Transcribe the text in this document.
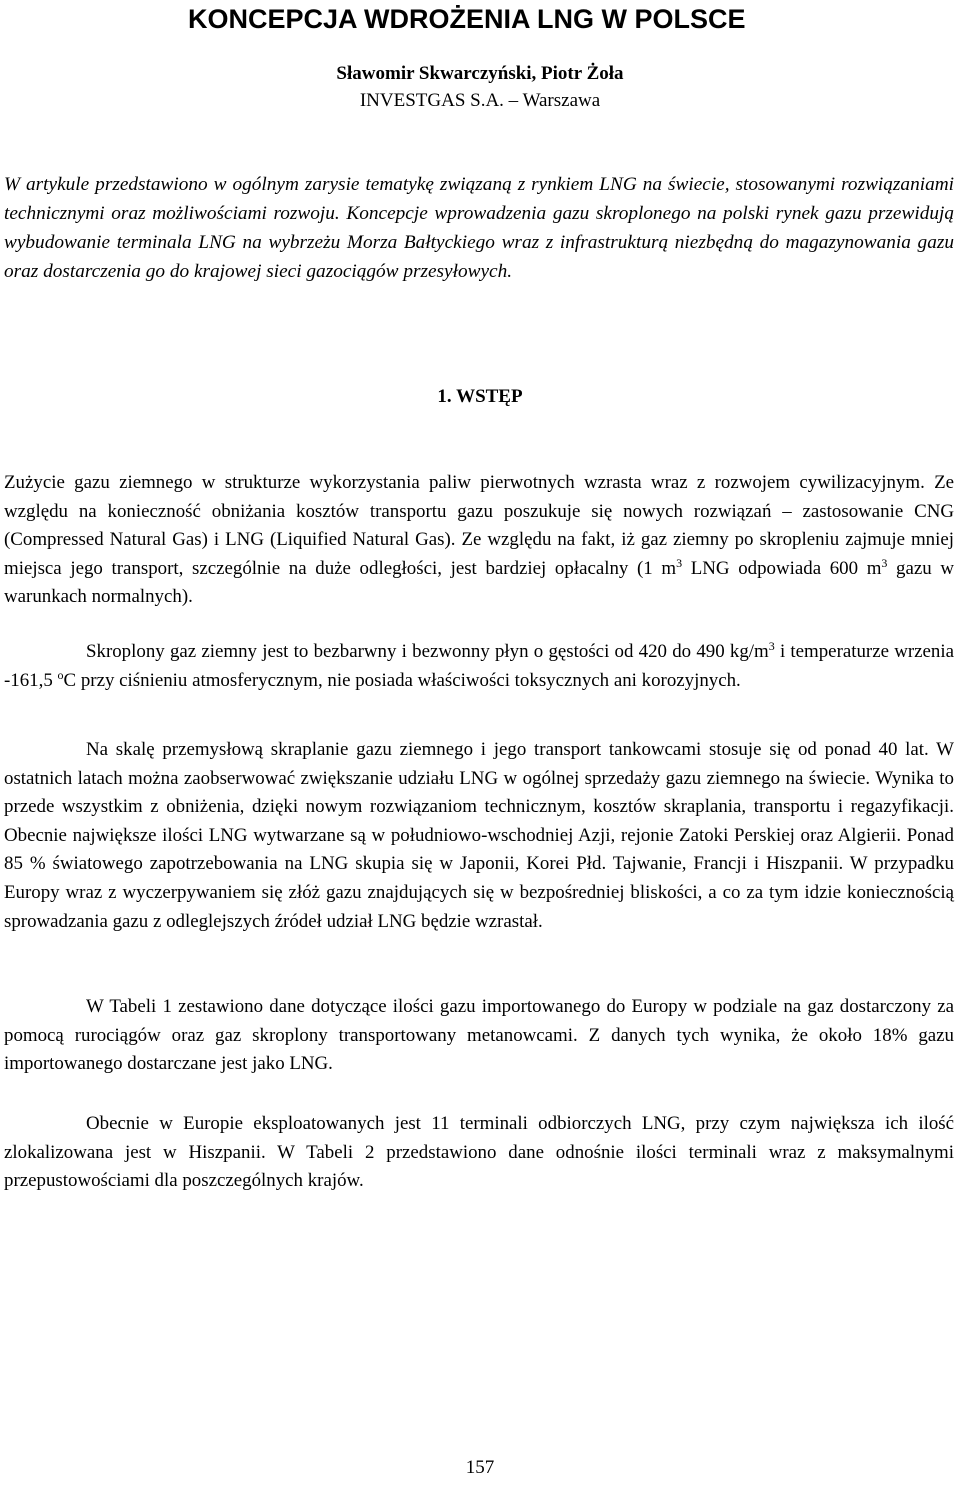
KONCEPCJA WDROŻENIA LNG W POLSCE
Sławomir Skwarczyński, Piotr Żoła
INVESTGAS S.A. – Warszawa

W artykule przedstawiono w ogólnym zarysie tematykę związaną z rynkiem LNG na świecie, stosowanymi rozwiązaniami technicznymi oraz możliwościami rozwoju. Koncepcje wprowadzenia gazu skroplonego na polski rynek gazu przewidują wybudowanie terminala LNG na wybrzeżu Morza Bałtyckiego wraz z infrastrukturą niezbędną do magazynowania gazu oraz dostarczenia go do krajowej sieci gazociągów przesyłowych.

1. WSTĘP

Zużycie gazu ziemnego w strukturze wykorzystania paliw pierwotnych wzrasta wraz z rozwojem cywilizacyjnym. Ze względu na konieczność obniżania kosztów transportu gazu poszukuje się nowych rozwiązań – zastosowanie CNG (Compressed Natural Gas) i LNG (Liquified Natural Gas). Ze względu na fakt, iż gaz ziemny po skropleniu zajmuje mniej miejsca jego transport, szczególnie na duże odległości, jest bardziej opłacalny (1 $m^3$ LNG odpowiada 600 $m^3$ gazu w warunkach normalnych).

Skroplony gaz ziemny jest to bezbarwny i bezwonny płyn o gęstości od 420 do 490 $kg/m^3$ i temperaturze wrzenia -161,5 $^o$C przy ciśnieniu atmosferycznym, nie posiada właściwości toksycznych ani korozyjnych.

Na skalę przemysłową skraplanie gazu ziemnego i jego transport tankowcami stosuje się od ponad 40 lat. W ostatnich latach można zaobserwować zwiększanie udziału LNG w ogólnej sprzedaży gazu ziemnego na świecie. Wynika to przede wszystkim z obniżenia, dzięki nowym rozwiązaniom technicznym, kosztów skraplania, transportu i regazyfikacji. Obecnie największe ilości LNG wytwarzane są w południowo-wschodniej Azji, rejonie Zatoki Perskiej oraz Algierii. Ponad 85 % światowego zapotrzebowania na LNG skupia się w Japonii, Korei Płd. Tajwanie, Francji i Hiszpanii. W przypadku Europy wraz z wyczerpywaniem się złóż gazu znajdujących się w bezpośredniej bliskości, a co za tym idzie koniecznością sprowadzania gazu z odleglejszych źródeł udział LNG będzie wzrastał.

W Tabeli 1 zestawiono dane dotyczące ilości gazu importowanego do Europy w podziale na gaz dostarczony za pomocą rurociągów oraz gaz skroplony transportowany metanowcami. Z danych tych wynika, że około 18% gazu importowanego dostarczane jest jako LNG.

Obecnie w Europie eksploatowanych jest 11 terminali odbiorczych LNG, przy czym największa ich ilość zlokalizowana jest w Hiszpanii. W Tabeli 2 przedstawiono dane odnośnie ilości terminali wraz z maksymalnymi przepustowościami dla poszczególnych krajów.

157
